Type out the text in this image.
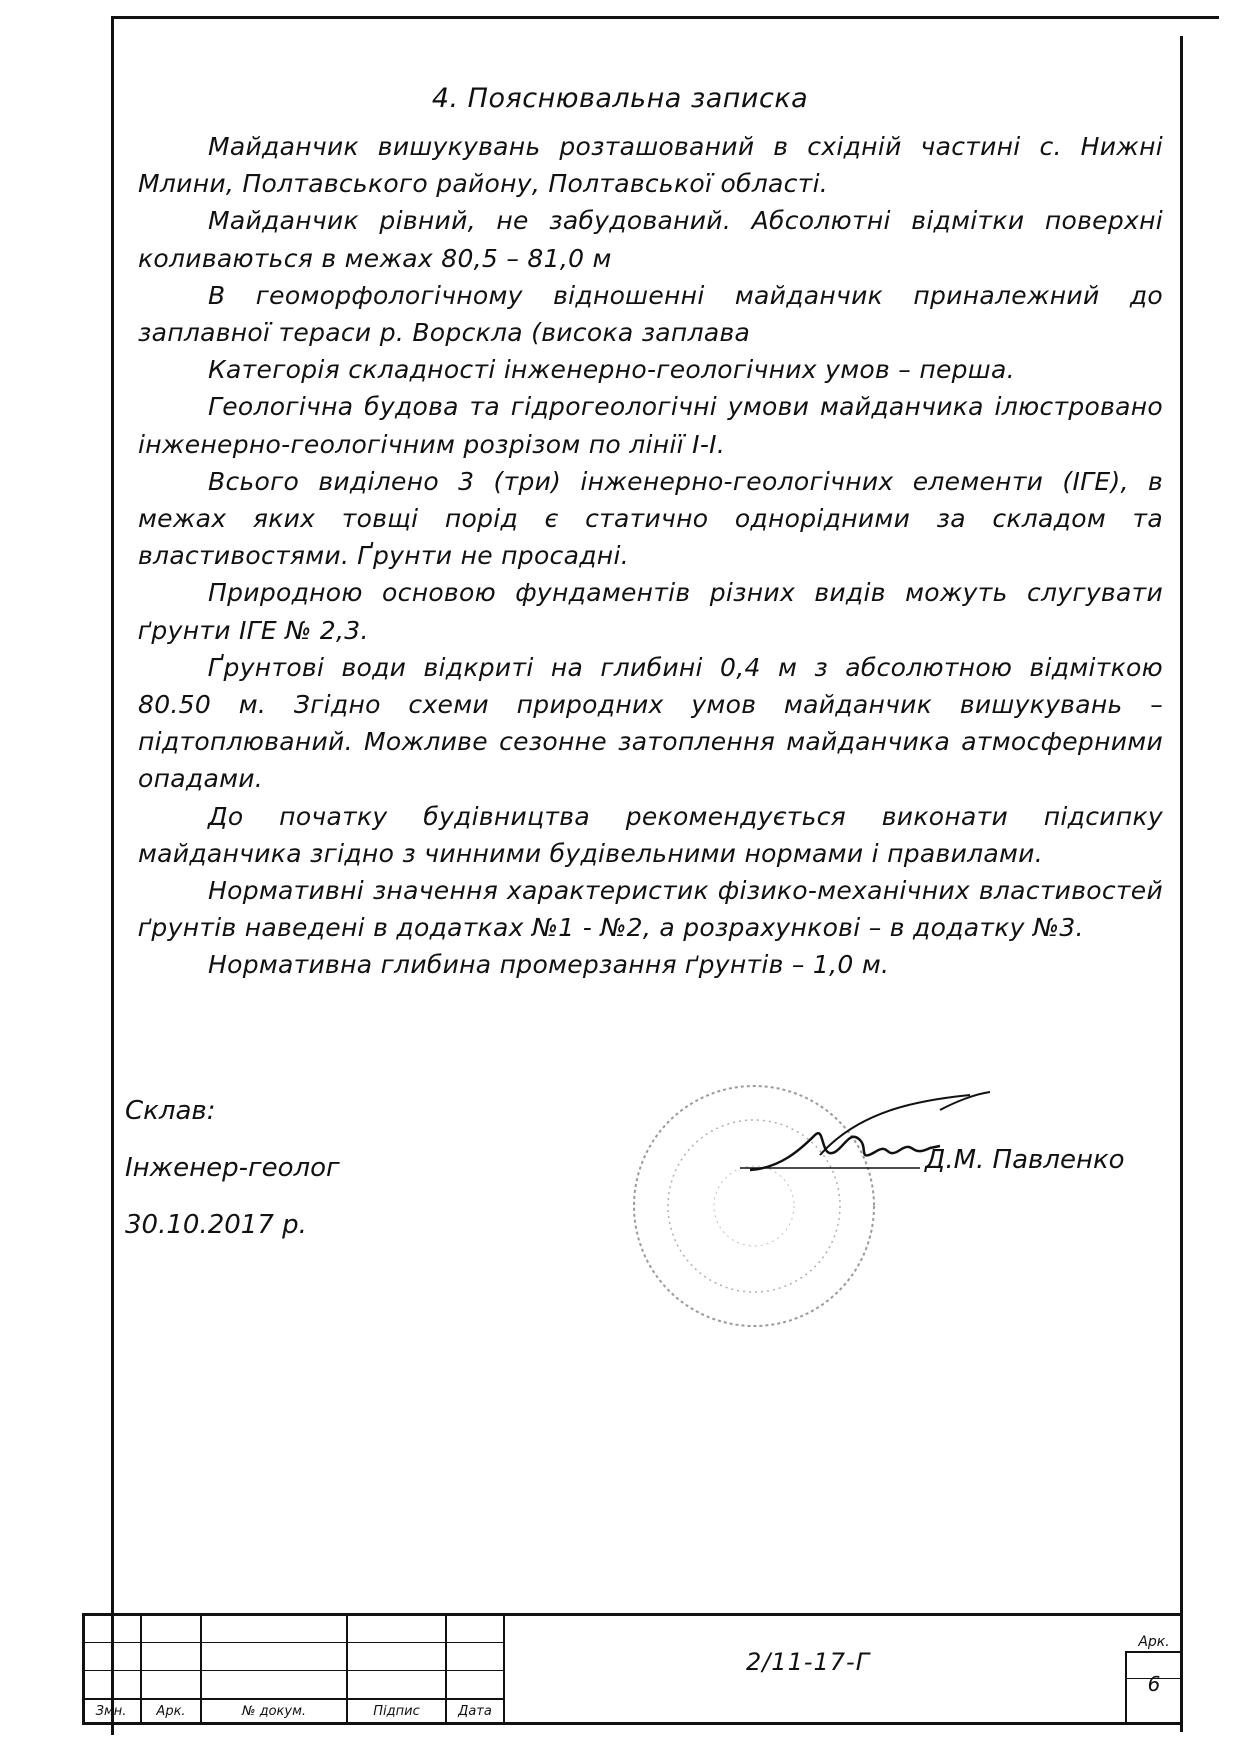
4. Пояснювальна записка

Майданчик вишукувань розташований в східній частині с. Нижні Млини, Полтавського району, Полтавської області.

Майданчик рівний, не забудований. Абсолютні відмітки поверхні коливаються в межах 80,5 – 81,0 м

В геоморфологічному відношенні майданчик приналежний до заплавної тераси р. Ворскла (висока заплава

Категорія складності інженерно-геологічних умов – перша.

Геологічна будова та гідрогеологічні умови майданчика ілюстровано інженерно-геологічним розрізом по лінії І-І.

Всього виділено 3 (три) інженерно-геологічних елементи (ІГЕ), в межах яких товщі порід є статично однорідними за складом та властивостями. Ґрунти не просадні.

Природною основою фундаментів різних видів можуть слугувати ґрунти ІГЕ № 2,3.

Ґрунтові води відкриті на глибині 0,4 м з абсолютною відміткою 80.50 м. Згідно схеми природних умов майданчик вишукувань – підтоплюваний. Можливе сезонне затоплення майданчика атмосферними опадами.

До початку будівництва рекомендується виконати підсипку майданчика згідно з чинними будівельними нормами і правилами.

Нормативні значення характеристик фізико-механічних властивостей ґрунтів наведені в додатках №1 - №2, а розрахункові – в додатку №3.

Нормативна глибина промерзання ґрунтів – 1,0 м.

Склав:
Інженер-геолог
30.10.2017 р.
Д.М. Павленко
Змн.	Арк.	№ докум.	Підпис	Дата
2/11-17-Г
Арк.
6
